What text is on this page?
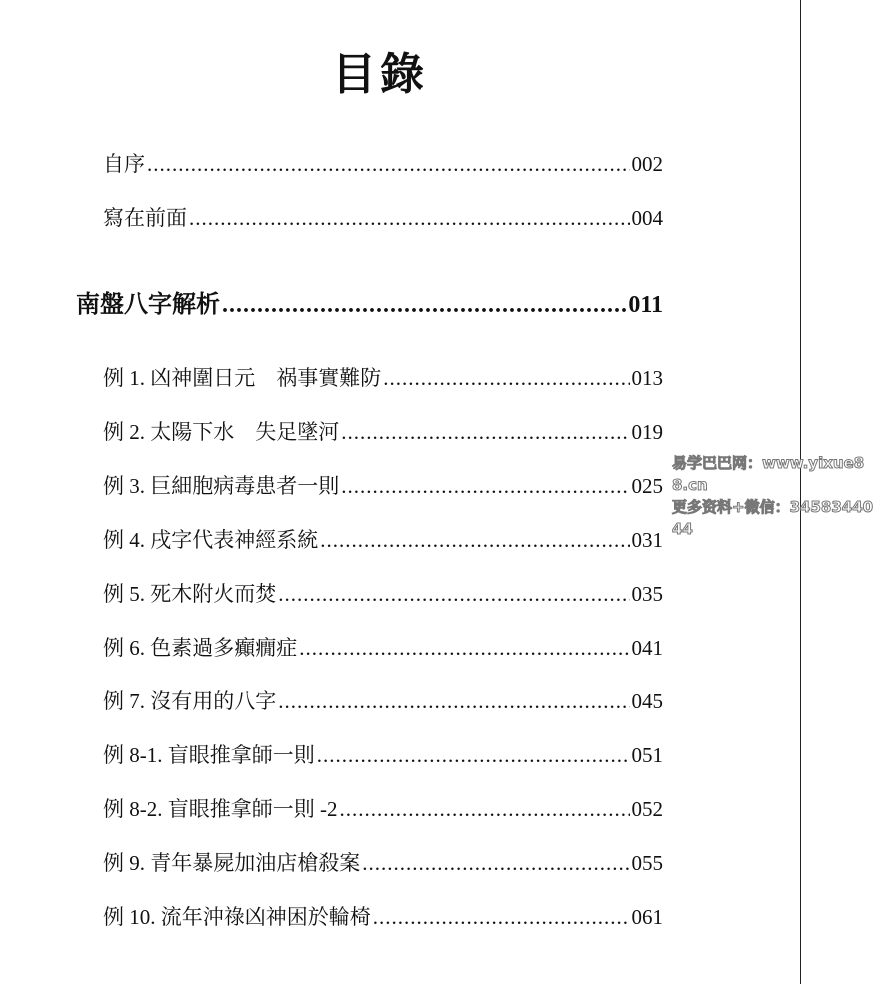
目錄
自序 .....	002
寫在前面 .....	004
南盤八字解析 .....	011
例 1. 凶神圍日元　祸事實難防 .....	013
例 2. 太陽下水　失足墜河 .....	019
例 3. 巨細胞病毒患者一則 .....	025
例 4. 戌字代表神經系統 .....	031
例 5. 死木附火而焚 .....	035
例 6. 色素過多癲癇症 .....	041
例 7. 沒有用的八字 .....	045
例 8-1. 盲眼推拿師一則 .....	051
例 8-2. 盲眼推拿師一則 -2 .....	052
例 9. 青年暴屍加油店槍殺案 .....	055
例 10. 流年沖祿凶神困於輪椅 .....	061
易学巴巴网：www.yixue88.cn
更多资料+微信：3458344044
